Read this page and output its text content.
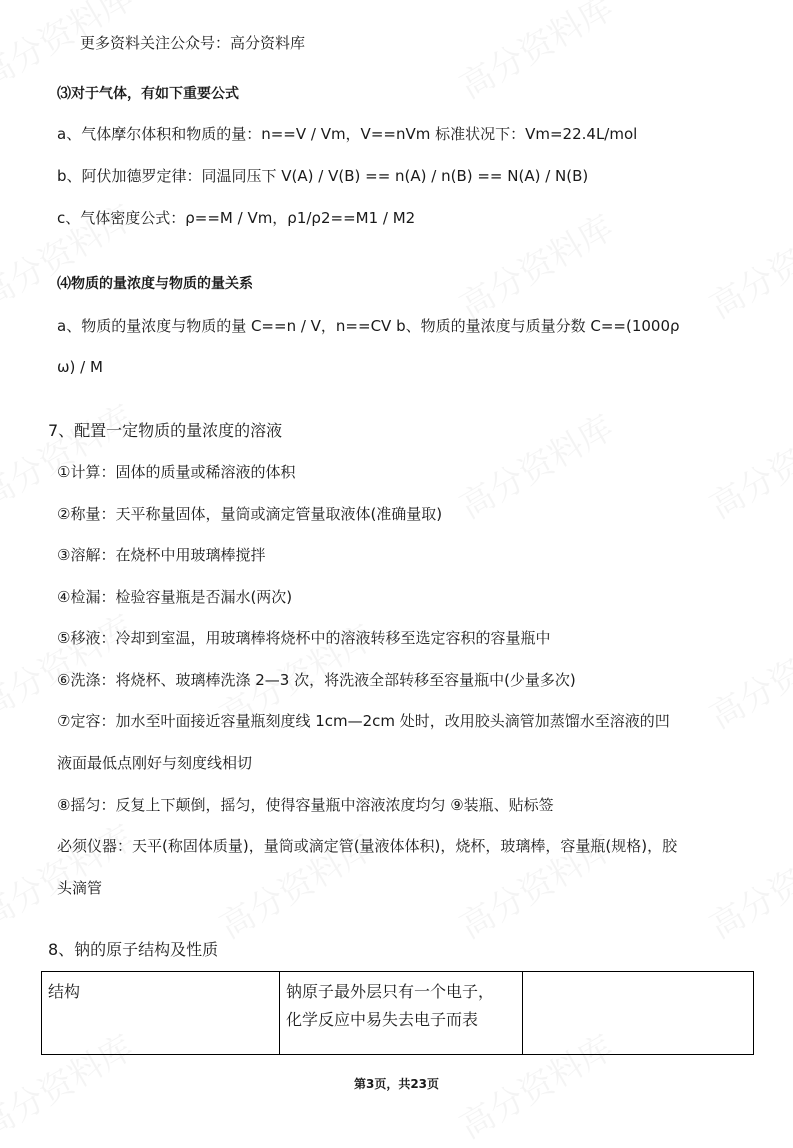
更多资料关注公众号：高分资料库
⑶对于气体，有如下重要公式
a、气体摩尔体积和物质的量：n==V / Vm，V==nVm 标准状况下：Vm=22.4L/mol
b、阿伏加德罗定律：同温同压下 V(A) / V(B) == n(A) / n(B) == N(A) / N(B)
c、气体密度公式：ρ==M / Vm，ρ1/ρ2==M1 / M2
⑷物质的量浓度与物质的量关系
a、物质的量浓度与物质的量 C==n / V，n==CV b、物质的量浓度与质量分数 C==(1000ρ
ω) / M
7、配置一定物质的量浓度的溶液
①计算：固体的质量或稀溶液的体积
②称量：天平称量固体，量筒或滴定管量取液体(准确量取)
③溶解：在烧杯中用玻璃棒搅拌
④检漏：检验容量瓶是否漏水(两次)
⑤移液：冷却到室温，用玻璃棒将烧杯中的溶液转移至选定容积的容量瓶中
⑥洗涤：将烧杯、玻璃棒洗涤 2—3 次，将洗液全部转移至容量瓶中(少量多次)
⑦定容：加水至叶面接近容量瓶刻度线 1cm—2cm 处时，改用胶头滴管加蒸馏水至溶液的凹
液面最低点刚好与刻度线相切
⑧摇匀：反复上下颠倒，摇匀，使得容量瓶中溶液浓度均匀 ⑨装瓶、贴标签
必须仪器：天平(称固体质量)，量筒或滴定管(量液体体积)，烧杯，玻璃棒，容量瓶(规格)，胶
头滴管
8、钠的原子结构及性质
结构	钠原子最外层只有一个电子，
化学反应中易失去电子而表

第3页，共23页
